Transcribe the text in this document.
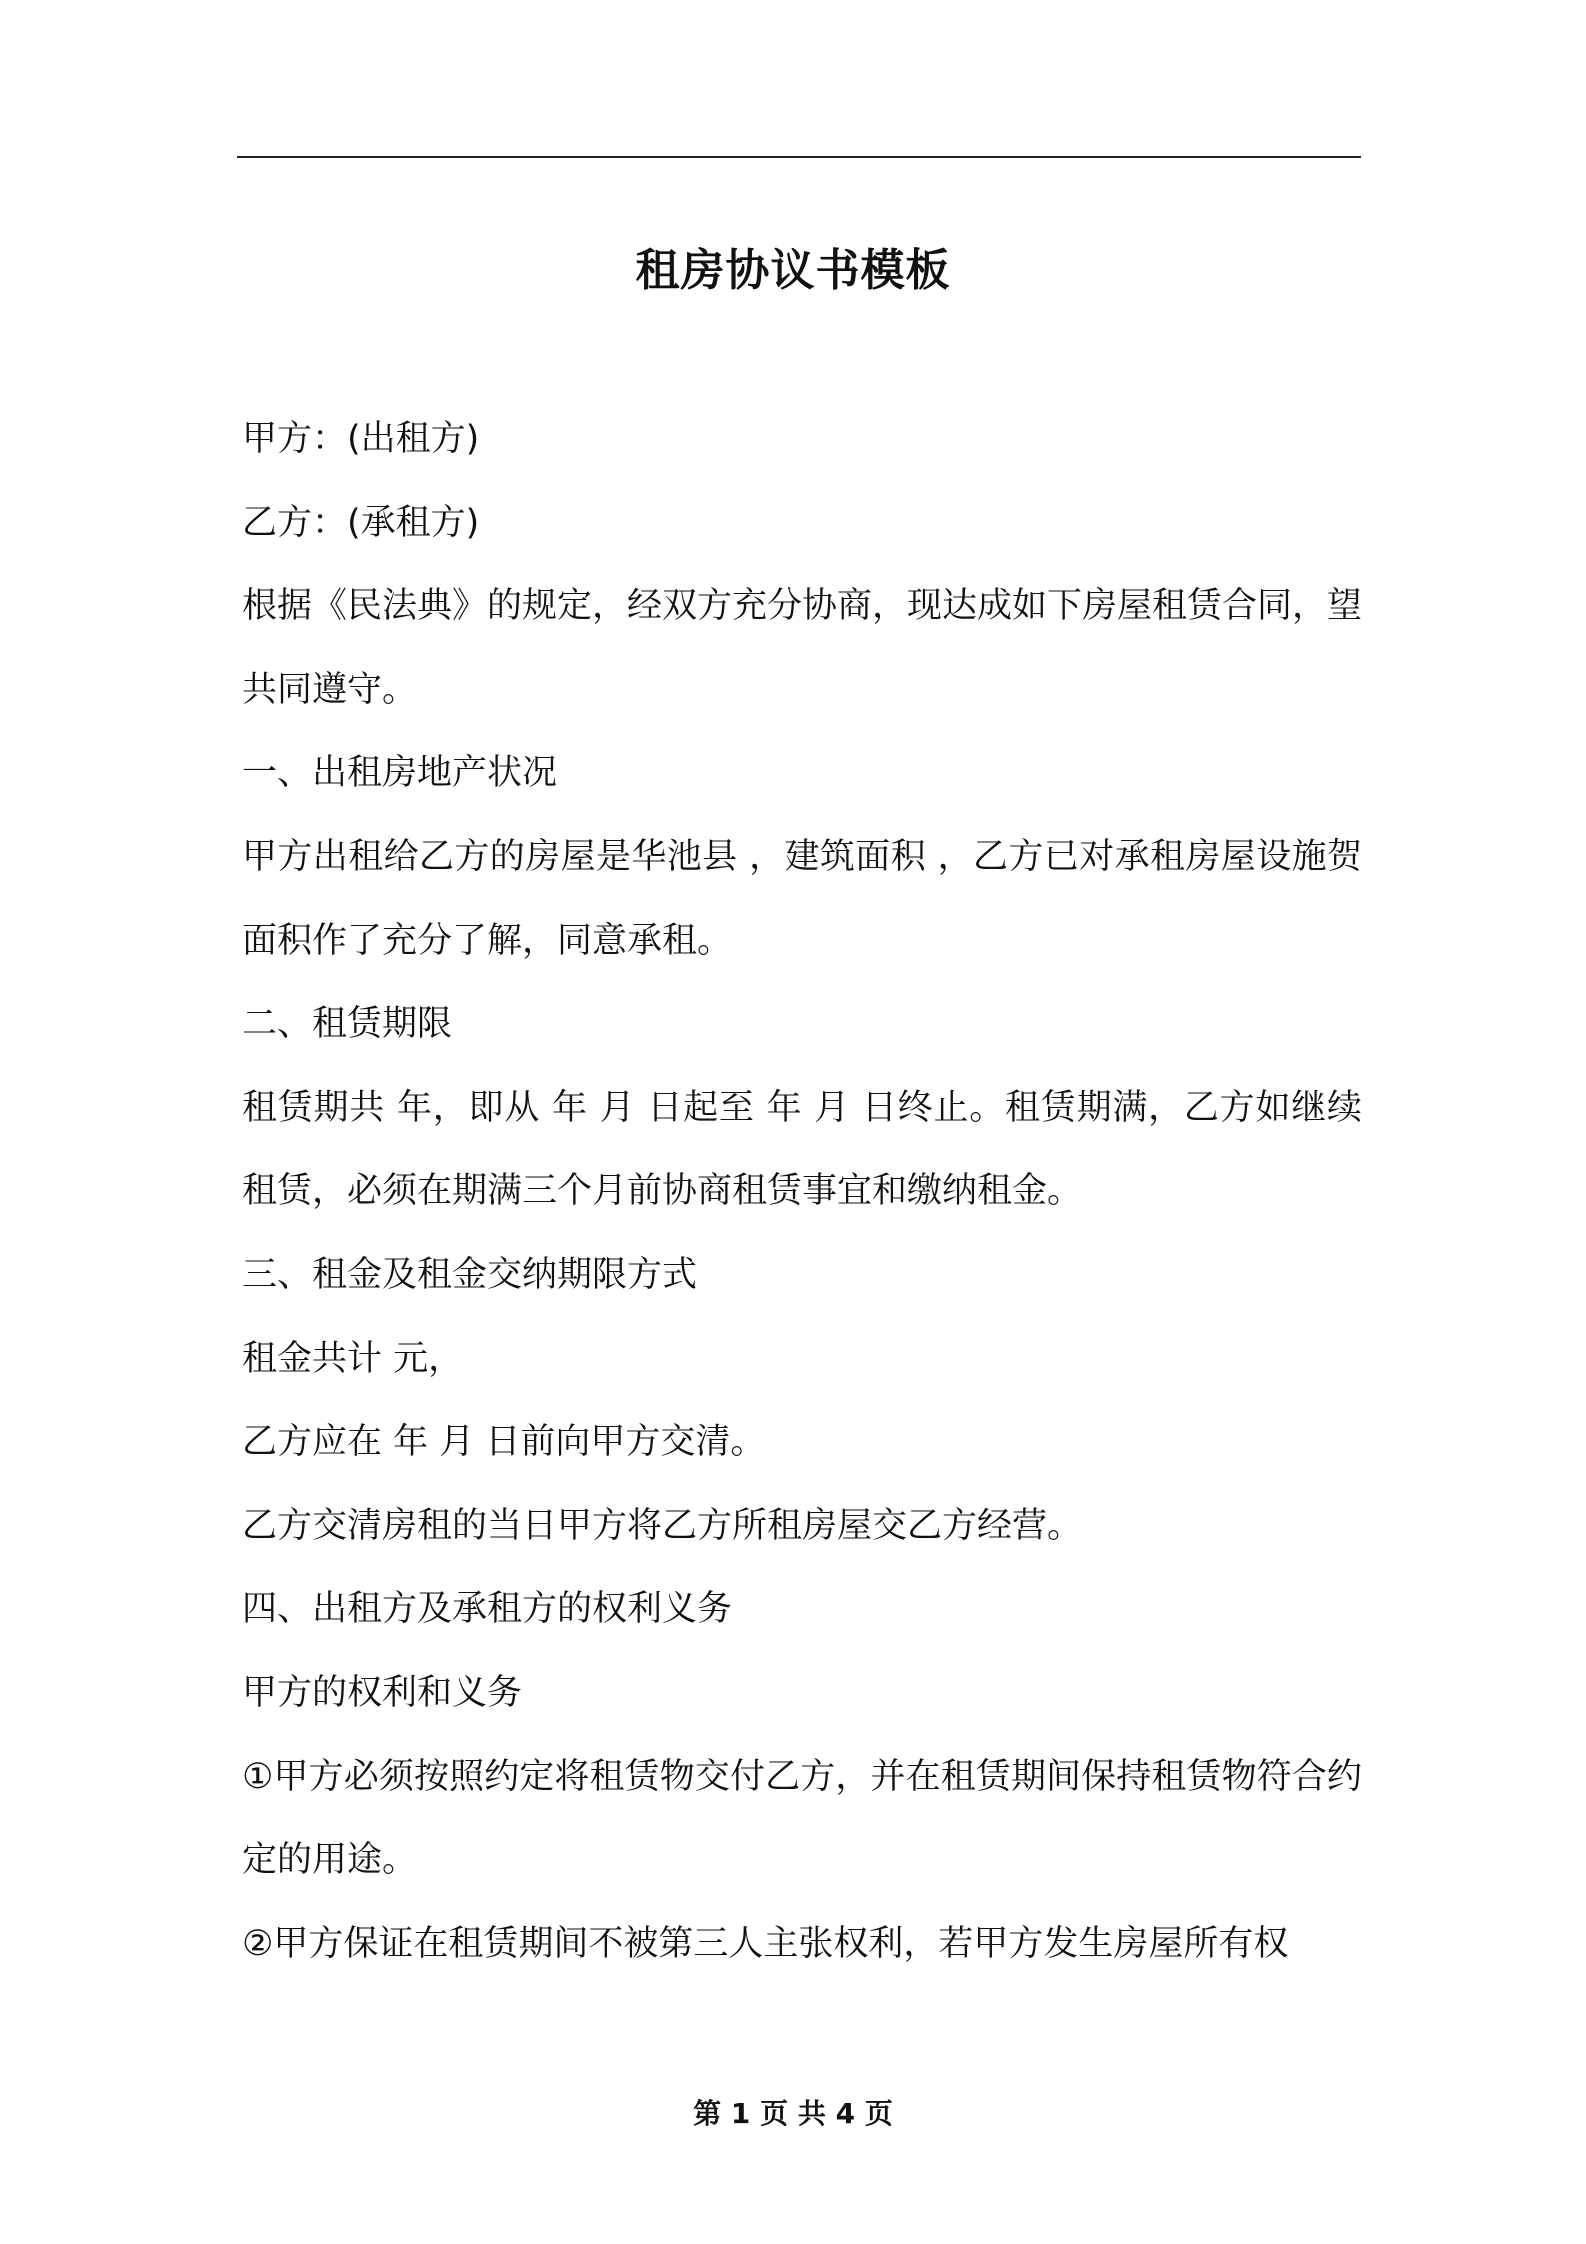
租房协议书模板

甲方：(出租方)

乙方：(承租方)

根据《民法典》的规定，经双方充分协商，现达成如下房屋租赁合同，望共同遵守。

一、出租房地产状况

甲方出租给乙方的房屋是华池县 ，建筑面积 ，乙方已对承租房屋设施贺面积作了充分了解，同意承租。

二、租赁期限

租赁期共 年，即从 年 月 日起至 年 月 日终止。租赁期满，乙方如继续租赁，必须在期满三个月前协商租赁事宜和缴纳租金。

三、租金及租金交纳期限方式

租金共计 元，

乙方应在 年 月 日前向甲方交清。

乙方交清房租的当日甲方将乙方所租房屋交乙方经营。

四、出租方及承租方的权利义务

甲方的权利和义务

①甲方必须按照约定将租赁物交付乙方，并在租赁期间保持租赁物符合约定的用途。

②甲方保证在租赁期间不被第三人主张权利，若甲方发生房屋所有权

第 1 页 共 4 页
